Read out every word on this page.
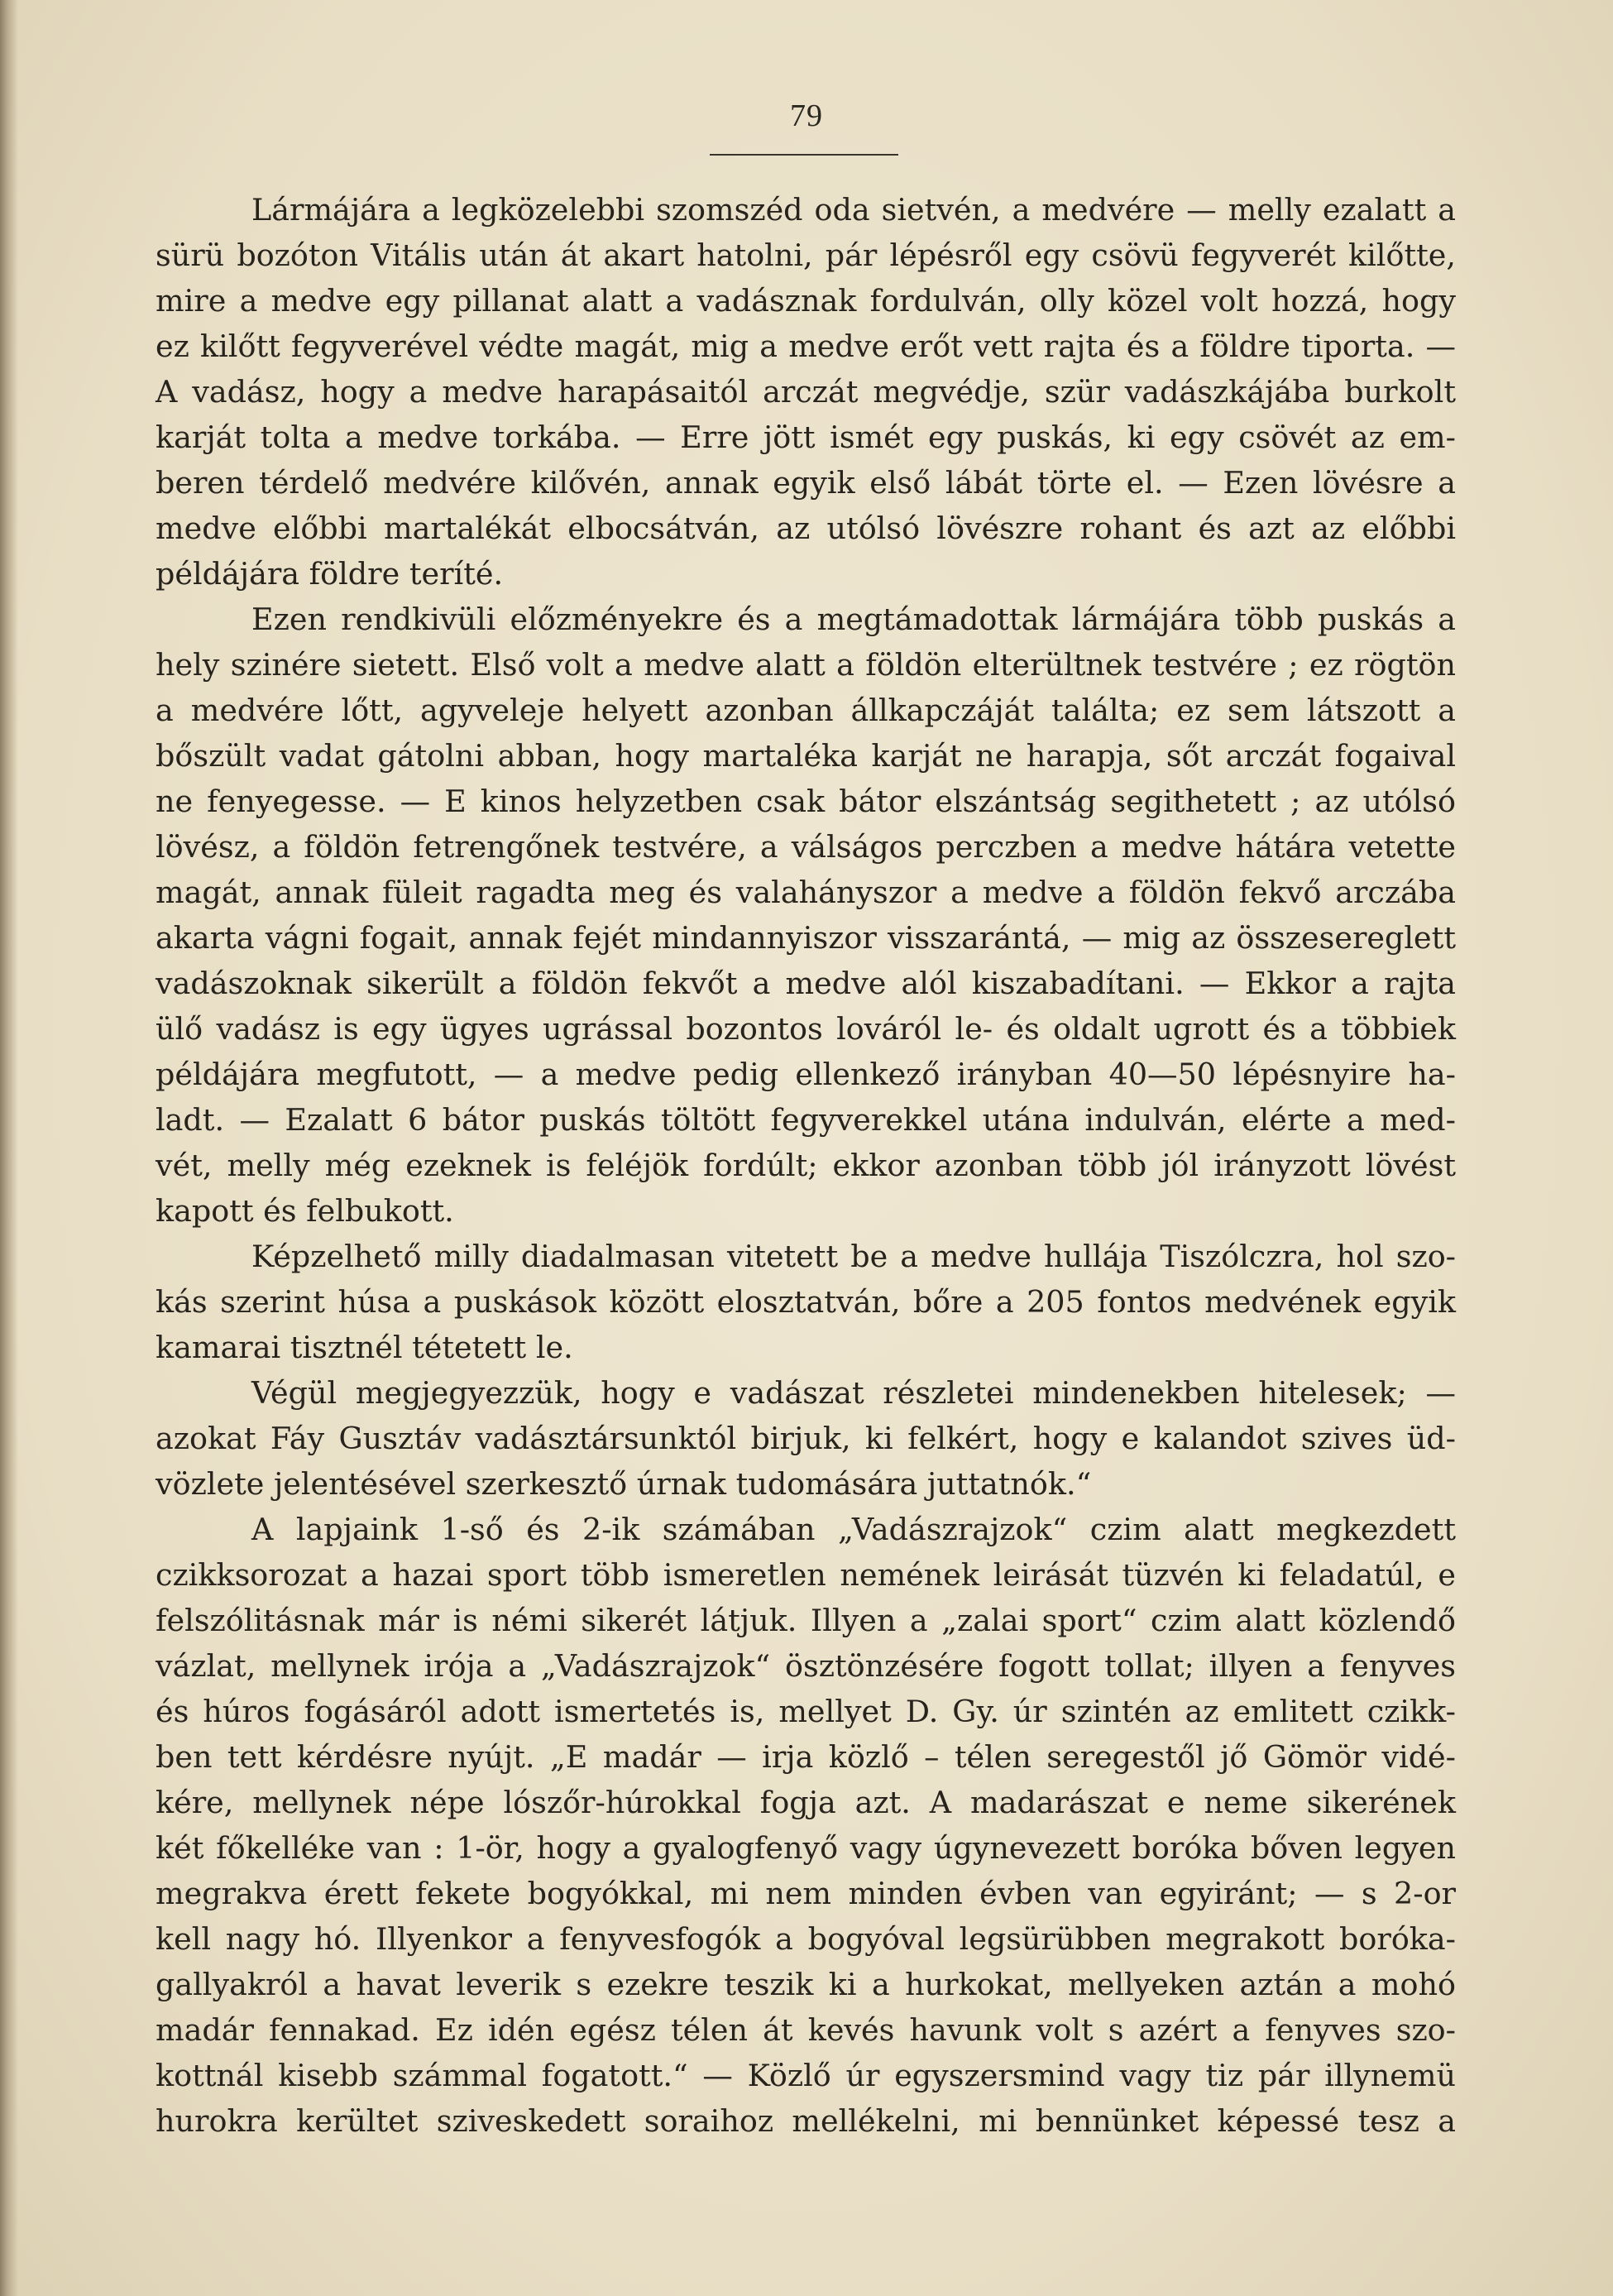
79

Lármájára a legközelebbi szomszéd oda sietvén, a medvére — melly ezalatt a

sürü bozóton Vitális után át akart hatolni, pár lépésről egy csövü fegyverét kilőtte,

mire a medve egy pillanat alatt a vadásznak fordulván, olly közel volt hozzá, hogy

ez kilőtt fegyverével védte magát, mig a medve erőt vett rajta és a földre tiporta. —

A vadász, hogy a medve harapásaitól arczát megvédje, szür vadászkájába burkolt

karját tolta a medve torkába. — Erre jött ismét egy puskás, ki egy csövét az em-

beren térdelő medvére kilővén, annak egyik első lábát törte el. — Ezen lövésre a

medve előbbi martalékát elbocsátván, az utólsó lövészre rohant és azt az előbbi

példájára földre teríté.

Ezen rendkivüli előzményekre és a megtámadottak lármájára több puskás a

hely szinére sietett. Első volt a medve alatt a földön elterültnek testvére ; ez rögtön

a medvére lőtt, agyveleje helyett azonban állkapczáját találta; ez sem látszott a

bőszült vadat gátolni abban, hogy martaléka karját ne harapja, sőt arczát fogaival

ne fenyegesse. — E kinos helyzetben csak bátor elszántság segithetett ; az utólsó

lövész, a földön fetrengőnek testvére, a válságos perczben a medve hátára vetette

magát, annak füleit ragadta meg és valahányszor a medve a földön fekvő arczába

akarta vágni fogait, annak fejét mindannyiszor visszarántá, — mig az összesereglett

vadászoknak sikerült a földön fekvőt a medve alól kiszabadítani. — Ekkor a rajta

ülő vadász is egy ügyes ugrással bozontos lováról le- és oldalt ugrott és a többiek

példájára megfutott, — a medve pedig ellenkező irányban 40—50 lépésnyire ha-

ladt. — Ezalatt 6 bátor puskás töltött fegyverekkel utána indulván, elérte a med-

vét, melly még ezeknek is feléjök fordúlt; ekkor azonban több jól irányzott lövést

kapott és felbukott.

Képzelhető milly diadalmasan vitetett be a medve hullája Tiszólczra, hol szo-

kás szerint húsa a puskások között elosztatván, bőre a 205 fontos medvének egyik

kamarai tisztnél tétetett le.

Végül megjegyezzük, hogy e vadászat részletei mindenekben hitelesek; —

azokat Fáy Gusztáv vadásztársunktól birjuk, ki felkért, hogy e kalandot szives üd-

vözlete jelentésével szerkesztő úrnak tudomására juttatnók.“

A lapjaink 1-ső és 2-ik számában „Vadászrajzok“ czim alatt megkezdett

czikksorozat a hazai sport több ismeretlen nemének leirását tüzvén ki feladatúl, e

felszólitásnak már is némi sikerét látjuk. Illyen a „zalai sport“ czim alatt közlendő

vázlat, mellynek irója a „Vadászrajzok“ ösztönzésére fogott tollat; illyen a fenyves

és húros fogásáról adott ismertetés is, mellyet D. Gy. úr szintén az emlitett czikk-

ben tett kérdésre nyújt. „E madár — irja közlő – télen seregestől jő Gömör vidé-

kére, mellynek népe lószőr-húrokkal fogja azt. A madarászat e neme sikerének

két főkelléke van : 1-ör, hogy a gyalogfenyő vagy úgynevezett boróka bőven legyen

megrakva érett fekete bogyókkal, mi nem minden évben van egyiránt; — s 2-or

kell nagy hó. Illyenkor a fenyvesfogók a bogyóval legsürübben megrakott boróka-

gallyakról a havat leverik s ezekre teszik ki a hurkokat, mellyeken aztán a mohó

madár fennakad. Ez idén egész télen át kevés havunk volt s azért a fenyves szo-

kottnál kisebb számmal fogatott.“ — Közlő úr egyszersmind vagy tiz pár illynemü

hurokra kerültet sziveskedett soraihoz mellékelni, mi bennünket képessé tesz a
